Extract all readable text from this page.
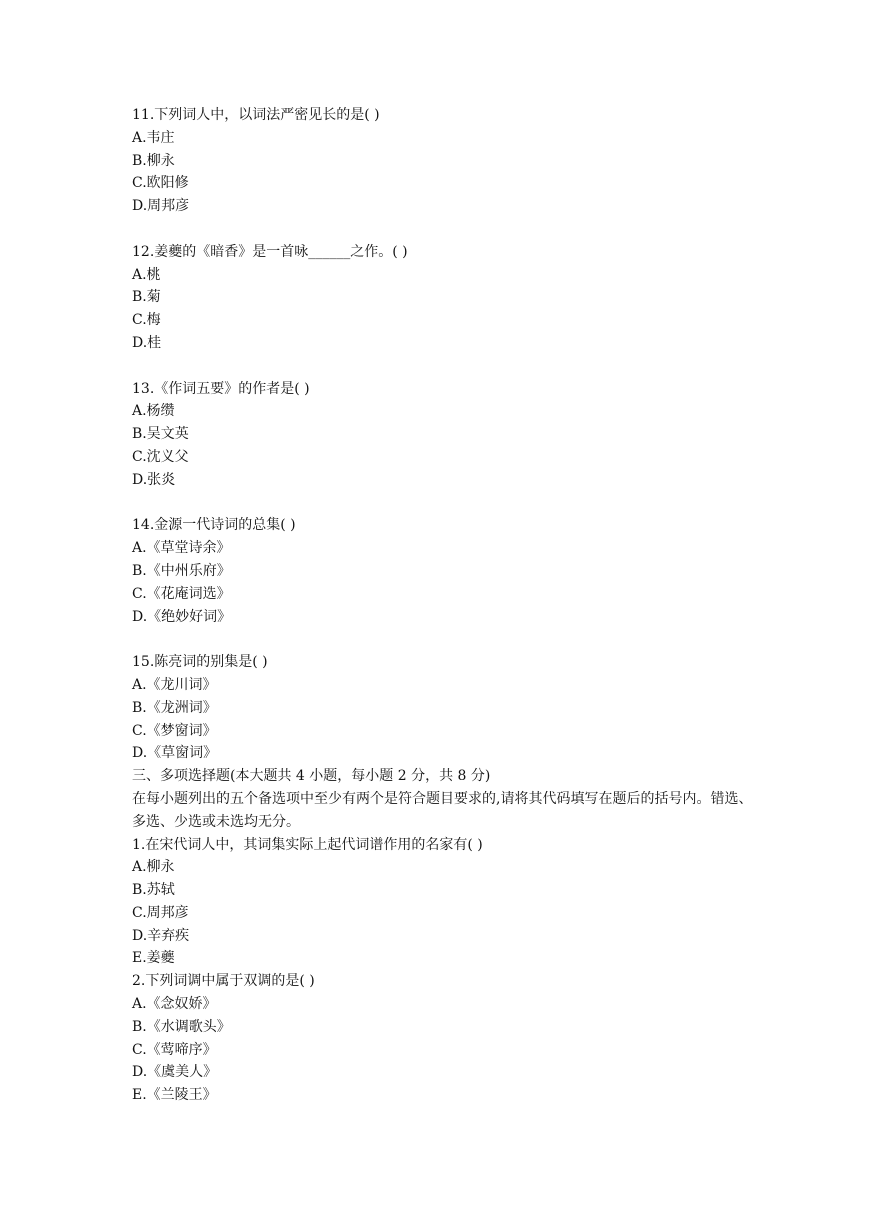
11.下列词人中，以词法严密见长的是( )
A.韦庄
B.柳永
C.欧阳修
D.周邦彦
12.姜夔的《暗香》是一首咏______之作。( )
A.桃
B.菊
C.梅
D.桂
13.《作词五要》的作者是( )
A.杨缵
B.吴文英
C.沈义父
D.张炎
14.金源一代诗词的总集( )
A.《草堂诗余》
B.《中州乐府》
C.《花庵词选》
D.《绝妙好词》
15.陈亮词的别集是( )
A.《龙川词》
B.《龙洲词》
C.《梦窗词》
D.《草窗词》
三、多项选择题(本大题共 4 小题，每小题 2 分，共 8 分)
在每小题列出的五个备选项中至少有两个是符合题目要求的,请将其代码填写在题后的括号内。错选、多选、少选或未选均无分。
1.在宋代词人中，其词集实际上起代词谱作用的名家有( )
A.柳永
B.苏轼
C.周邦彦
D.辛弃疾
E.姜夔
2.下列词调中属于双调的是( )
A.《念奴娇》
B.《水调歌头》
C.《莺啼序》
D.《虞美人》
E.《兰陵王》
